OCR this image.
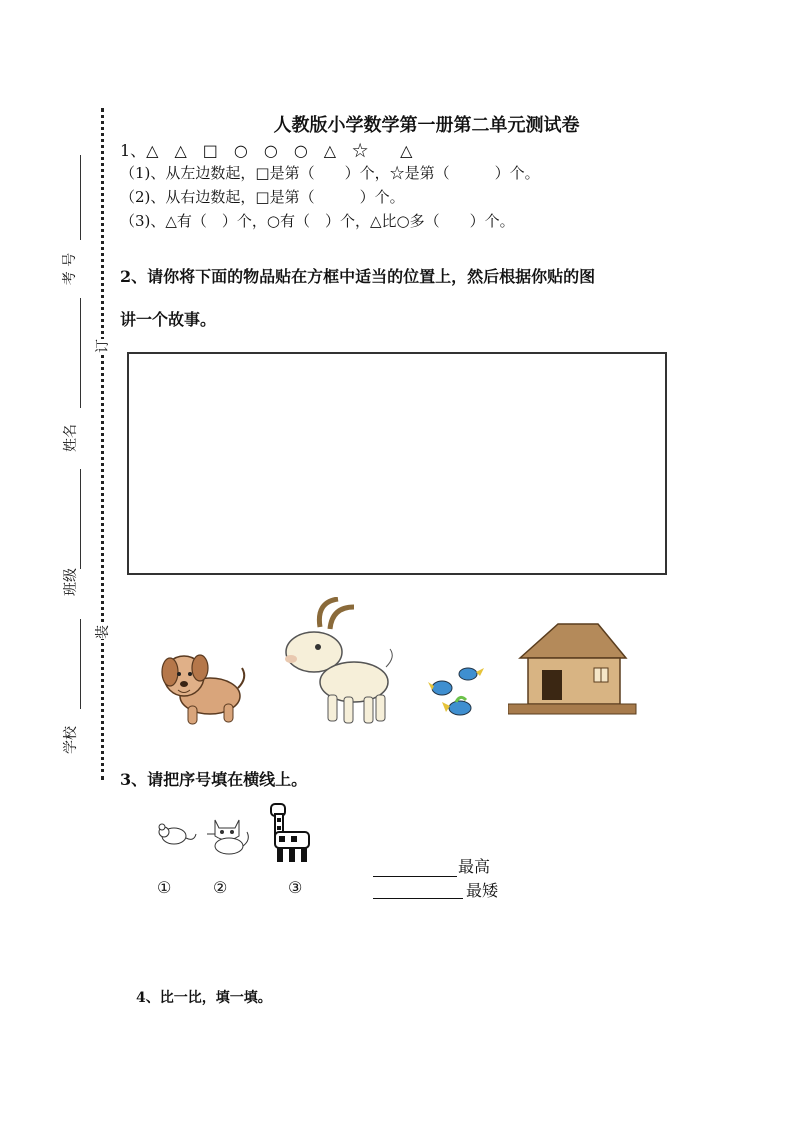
考 号
姓名
班级
学校
订
装
人教版小学数学第一册第二单元测试卷
1、△　△　□　○　○　○　△　☆　　△
（1)、从左边数起，□是第（　　）个，☆是第（　　　）个。
（2)、从右边数起，□是第（　　　）个。
（3)、△有（　）个，○有（　）个，△比○多（　　）个。
2、请你将下面的物品贴在方框中适当的位置上，然后根据你贴的图
讲一个故事。
3、请把序号填在横线上。
①	②	③
最高
最矮
4、比一比，填一填。
